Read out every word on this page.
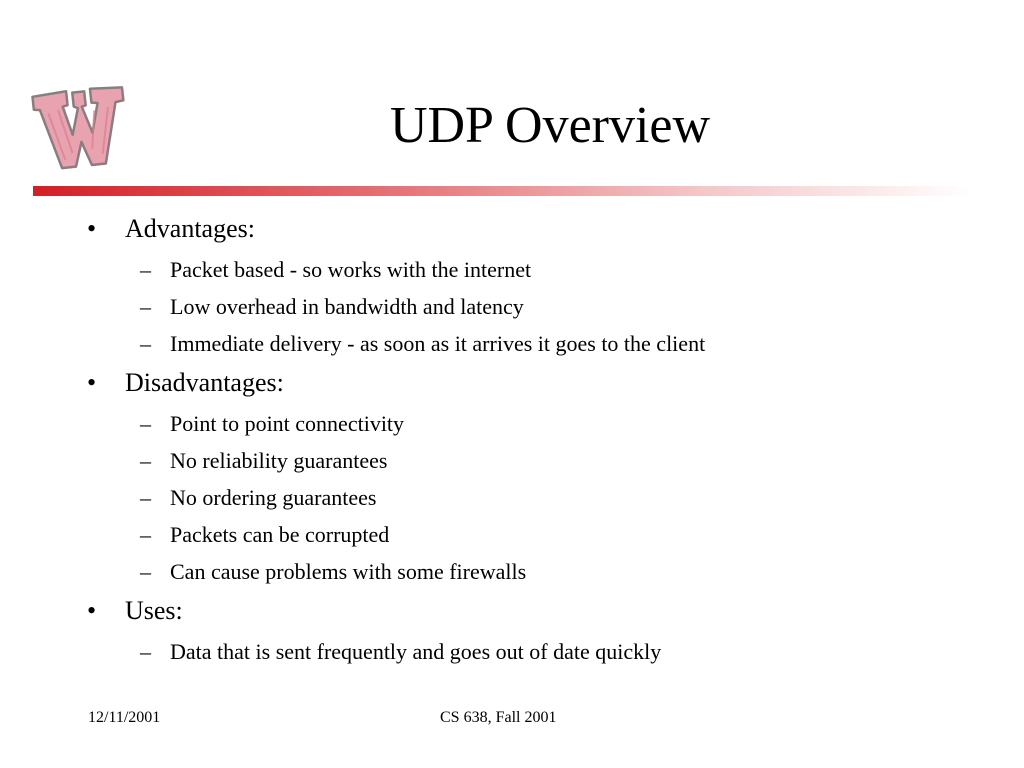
UDP Overview
• Advantages:
– Packet based - so works with the internet
– Low overhead in bandwidth and latency
– Immediate delivery - as soon as it arrives it goes to the client
• Disadvantages:
– Point to point connectivity
– No reliability guarantees
– No ordering guarantees
– Packets can be corrupted
– Can cause problems with some firewalls
• Uses:
– Data that is sent frequently and goes out of date quickly
12/11/2001	CS 638, Fall 2001
